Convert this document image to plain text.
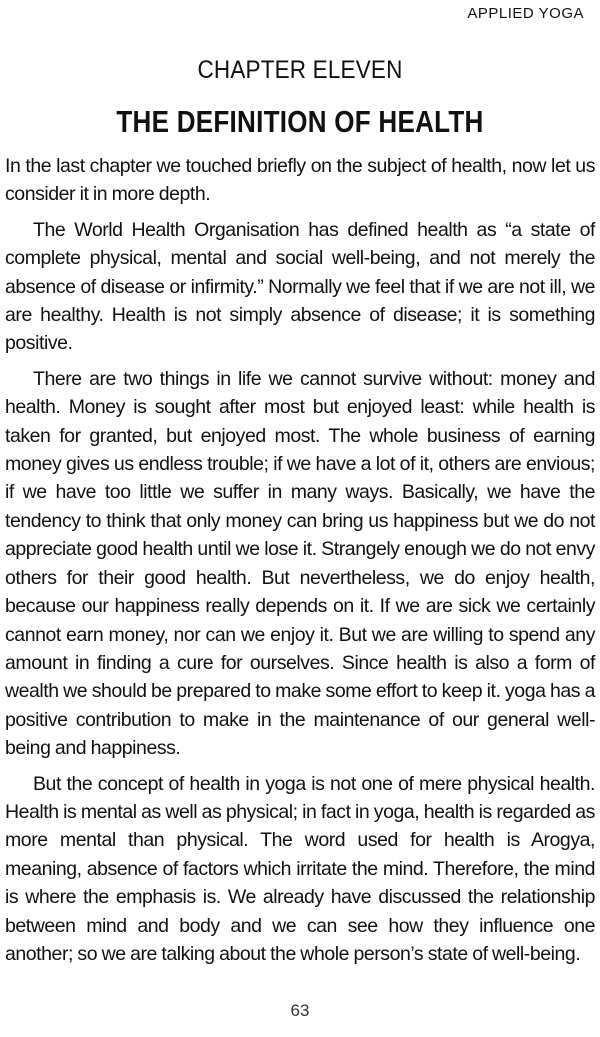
APPLIED YOGA
CHAPTER ELEVEN
THE DEFINITION OF HEALTH

In the last chapter we touched briefly on the subject of health, now let us consider it in more depth.

The World Health Organisation has defined health as “a state of complete physical, mental and social well-being, and not merely the absence of disease or infirmity.” Normally we feel that if we are not ill, we are healthy. Health is not simply absence of disease; it is something positive.

There are two things in life we cannot survive without: money and health. Money is sought after most but enjoyed least: while health is taken for granted, but enjoyed most. The whole business of earning money gives us endless trouble; if we have a lot of it, others are envious; if we have too little we suffer in many ways. Basically, we have the tendency to think that only money can bring us happiness but we do not appreciate good health until we lose it. Strangely enough we do not envy others for their good health. But nevertheless, we do enjoy health, because our happiness really depends on it. If we are sick we certainly cannot earn money, nor can we enjoy it. But we are willing to spend any amount in finding a cure for ourselves. Since health is also a form of wealth we should be prepared to make some effort to keep it. yoga has a positive contribution to make in the maintenance of our general well-being and happiness.

But the concept of health in yoga is not one of mere physical health. Health is mental as well as physical; in fact in yoga, health is regarded as more mental than physical. The word used for health is Arogya, meaning, absence of factors which irritate the mind. Therefore, the mind is where the emphasis is. We already have discussed the relationship between mind and body and we can see how they influence one another; so we are talking about the whole person’s state of well-being.

63
